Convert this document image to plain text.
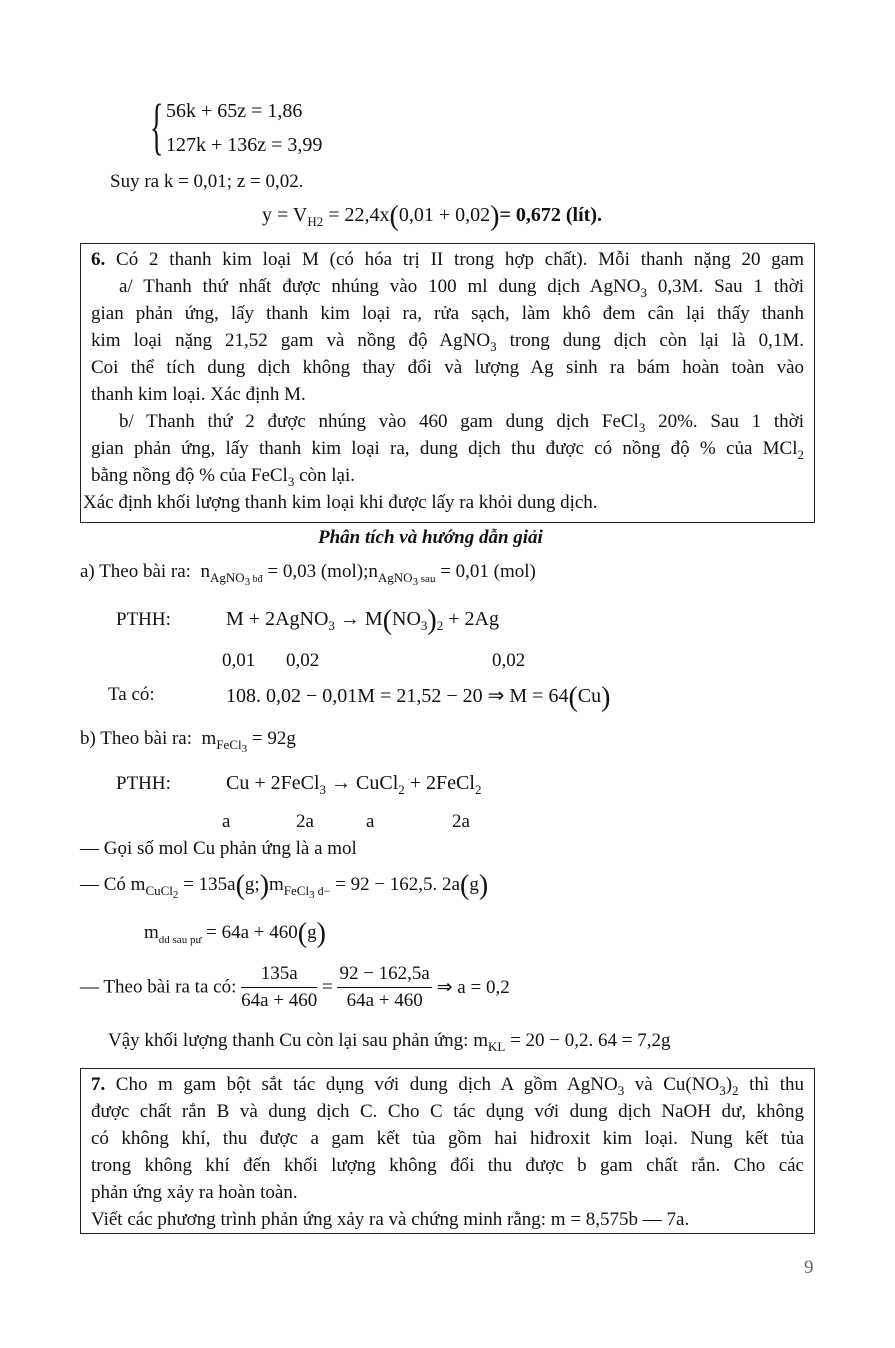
{ 56k + 65z = 1,86
127k + 136z = 3,99
Suy ra k = 0,01; z = 0,02.
$y = V_{H2} = 22,4x(0,01 + 0,02)= 0,672$ (lít).
6. Có 2 thanh kim loại M (có hóa trị II trong hợp chất). Mỗi thanh nặng 20 gam
a/ Thanh thứ nhất được nhúng vào 100 ml dung dịch AgNO$_3$ 0,3M. Sau 1 thời
gian phản ứng, lấy thanh kim loại ra, rửa sạch, làm khô đem cân lại thấy thanh
kim loại nặng 21,52 gam và nồng độ AgNO$_3$ trong dung dịch còn lại là 0,1M.
Coi thể tích dung dịch không thay đổi và lượng Ag sinh ra bám hoàn toàn vào
thanh kim loại. Xác định M.
b/ Thanh thứ 2 được nhúng vào 460 gam dung dịch FeCl$_3$ 20%. Sau 1 thời
gian phản ứng, lấy thanh kim loại ra, dung dịch thu được có nồng độ % của MCl$_2$
bằng nồng độ % của FeCl$_3$ còn lại.
Xác định khối lượng thanh kim loại khi được lấy ra khỏi dung dịch.
Phân tích và hướng dẫn giải
a) Theo bài ra: $n_{AgNO_3 bđ} = 0,03$ $(mol);n_{AgNO_3 sau} = 0,01$ (mol)
PTHH:	M + 2AgNO$_3$ → $M(NO_3)_2 + 2Ag$
0,01 0,02	0,02
Ta có:	108. 0,02 − 0,01M = 21,52 − 20 ⇒ M = 64(Cu)
b) Theo bài ra: $m_{FeCl_3} = 92g$
PTHH:	Cu + 2FeCl$_3$ → CuCl$_2$ + 2FeCl$_2$
a	2a	a	2a
— Gọi số mol Cu phản ứng là a mol
— Có $m_{CuCl_2}$ = $135a(g;)m_{FeCl_3 d-} = 92 - 162,5$. 2a(g)
$m_{dd sau pư} = 64a + 460(g)$
— Theo bài ra ta có: $\frac{135a}{64a + 460} = \frac{92 - 162,5a}{64a + 460}$ ⇒ a = 0,2
Vậy khối lượng thanh Cu còn lại sau phản ứng: $m_{KL} = 20 - 0,2$. 64 = 7,2g
7. Cho m gam bột sắt tác dụng với dung dịch A gồm AgNO$_3$ và $Cu(NO_3)_2$ thì thu
được chất rắn B và dung dịch C. Cho C tác dụng với dung dịch NaOH dư, không
có không khí, thu được a gam kết tủa gồm hai hiđroxit kim loại. Nung kết tủa
trong không khí đến khối lượng không đổi thu được b gam chất rắn. Cho các
phản ứng xảy ra hoàn toàn.
Viết các phương trình phản ứng xảy ra và chứng minh rằng: m = 8,575b — 7a.
9
